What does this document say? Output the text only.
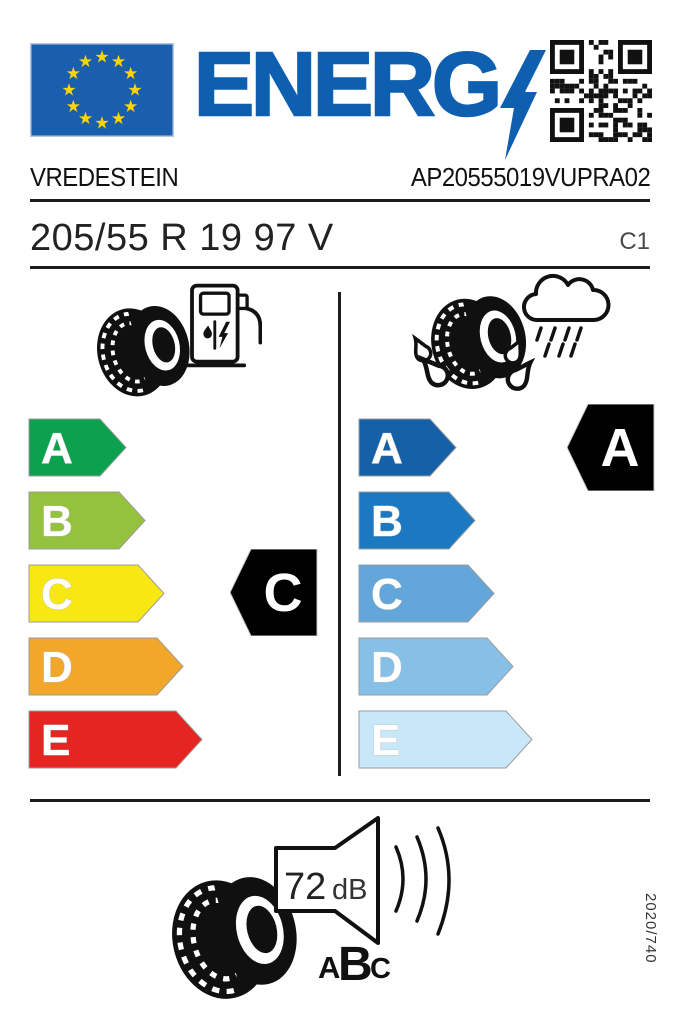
★ ★
★
★
★
★
★
★
★
★
★
★ ENERG
VREDESTEIN	AP20555019VUPRA02
205/55 R 19 97 V	C1
A
B
C
D
E
A
B
C
D
E
C
A
72 dB
A
B
C
2020/740
